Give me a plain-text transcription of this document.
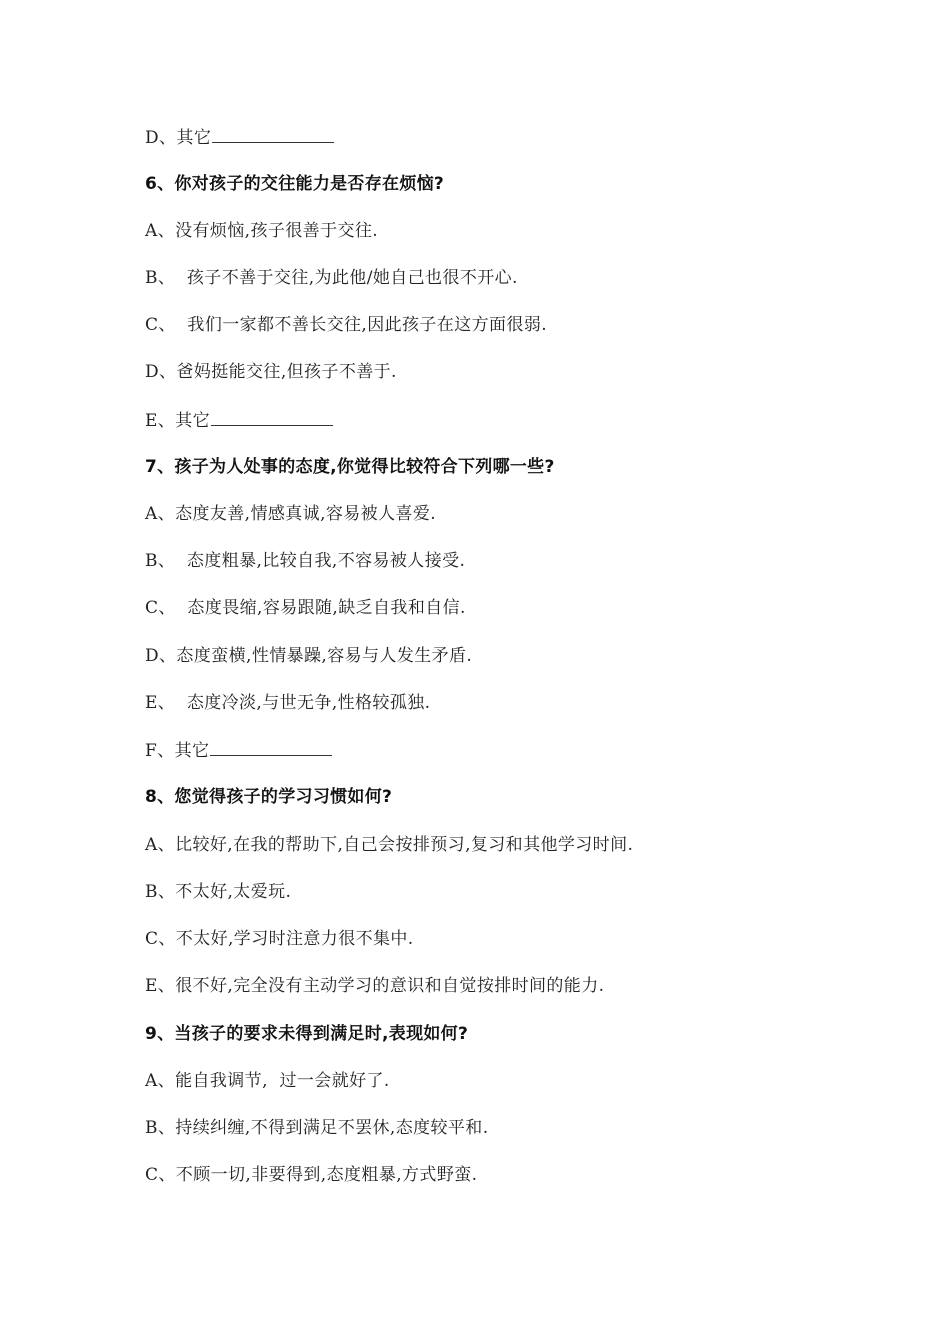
D、其它
6、你对孩子的交往能力是否存在烦恼?
A、没有烦恼,孩子很善于交往.
B、  孩子不善于交往,为此他/她自己也很不开心.
C、  我们一家都不善长交往,因此孩子在这方面很弱.
D、爸妈挺能交往,但孩子不善于.
E、其它
7、孩子为人处事的态度,你觉得比较符合下列哪一些?
A、态度友善,情感真诚,容易被人喜爱.
B、  态度粗暴,比较自我,不容易被人接受.
C、  态度畏缩,容易跟随,缺乏自我和自信.
D、态度蛮横,性情暴躁,容易与人发生矛盾.
E、  态度冷淡,与世无争,性格较孤独.
F、其它
8、您觉得孩子的学习习惯如何?
A、比较好,在我的帮助下,自己会按排预习,复习和其他学习时间.
B、不太好,太爱玩.
C、不太好,学习时注意力很不集中.
E、很不好,完全没有主动学习的意识和自觉按排时间的能力.
9、当孩子的要求未得到满足时,表现如何?
A、能自我调节,  过一会就好了.
B、持续纠缠,不得到满足不罢休,态度较平和.
C、不顾一切,非要得到,态度粗暴,方式野蛮.
